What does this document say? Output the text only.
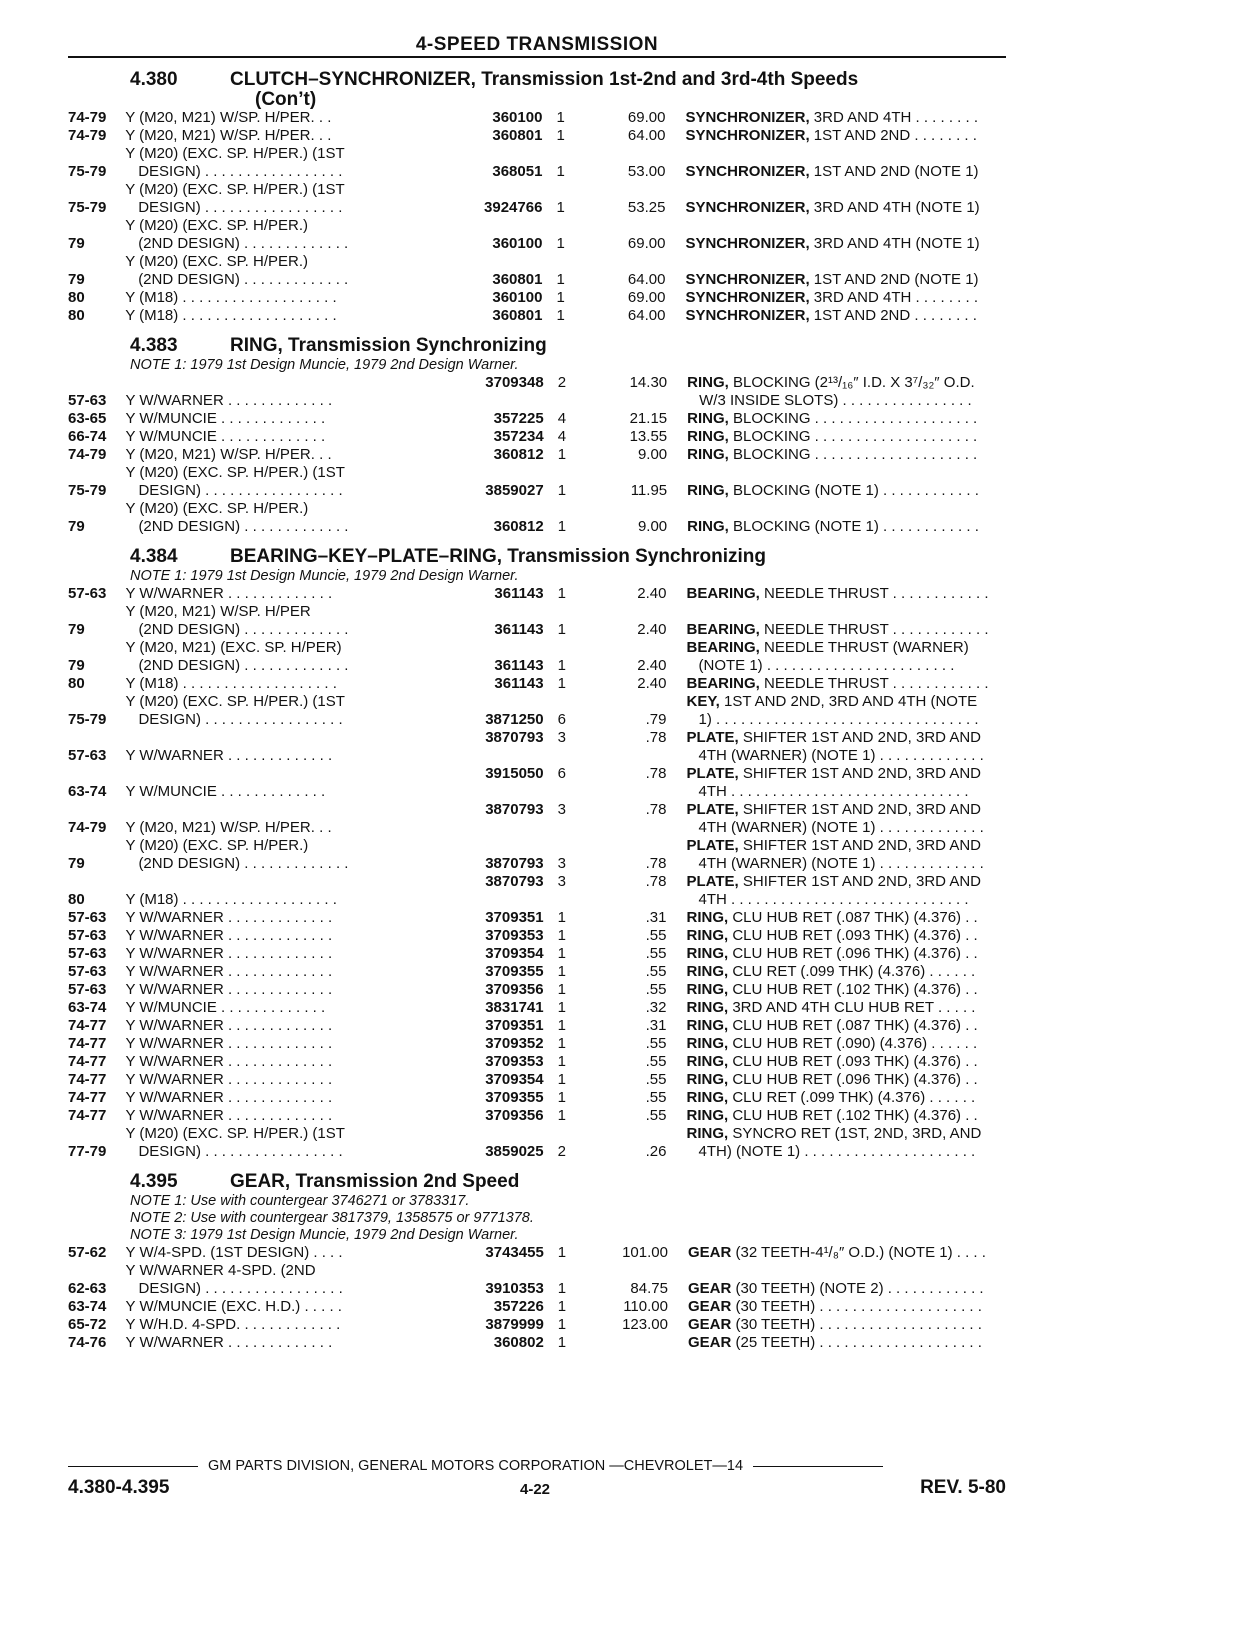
4-SPEED TRANSMISSION
4.380	CLUTCH–SYNCHRONIZER, Transmission 1st-2nd and 3rd-4th Speeds
(Con’t)
74-79	Y (M20, M21) W/SP. H/PER. . .	360100	1	69.00	SYNCHRONIZER, 3RD AND 4TH . . . . . . . .
74-79	Y (M20, M21) W/SP. H/PER. . .	360801	1	64.00	SYNCHRONIZER, 1ST AND 2ND . . . . . . . .
75-79	Y (M20) (EXC. SP. H/PER.) (1ST
DESIGN) . . . . . . . . . . . . . . . . .	368051	1	53.00	SYNCHRONIZER, 1ST AND 2ND (NOTE 1)
75-79	Y (M20) (EXC. SP. H/PER.) (1ST
DESIGN) . . . . . . . . . . . . . . . . .	3924766	1	53.25	SYNCHRONIZER, 3RD AND 4TH (NOTE 1)
79	Y (M20) (EXC. SP. H/PER.)
(2ND DESIGN) . . . . . . . . . . . . .	360100	1	69.00	SYNCHRONIZER, 3RD AND 4TH (NOTE 1)
79	Y (M20) (EXC. SP. H/PER.)
(2ND DESIGN) . . . . . . . . . . . . .	360801	1	64.00	SYNCHRONIZER, 1ST AND 2ND (NOTE 1)
80	Y (M18) . . . . . . . . . . . . . . . . . . .	360100	1	69.00	SYNCHRONIZER, 3RD AND 4TH . . . . . . . .
80	Y (M18) . . . . . . . . . . . . . . . . . . .	360801	1	64.00	SYNCHRONIZER, 1ST AND 2ND . . . . . . . .
4.383	RING, Transmission Synchronizing
NOTE 1: 1979 1st Design Muncie, 1979 2nd Design Warner.
57-63	Y W/WARNER . . . . . . . . . . . . .	3709348	2	14.30	RING, BLOCKING (2¹³/₁₆″ I.D. X 3⁷/₃₂″ O.D.
W/3 INSIDE SLOTS) . . . . . . . . . . . . . . . .

63-65	Y W/MUNCIE . . . . . . . . . . . . .	357225	4	21.15	RING, BLOCKING . . . . . . . . . . . . . . . . . . . .
66-74	Y W/MUNCIE . . . . . . . . . . . . .	357234	4	13.55	RING, BLOCKING . . . . . . . . . . . . . . . . . . . .
74-79	Y (M20, M21) W/SP. H/PER. . .	360812	1	9.00	RING, BLOCKING . . . . . . . . . . . . . . . . . . . .
75-79	Y (M20) (EXC. SP. H/PER.) (1ST
DESIGN) . . . . . . . . . . . . . . . . .	3859027	1	11.95	RING, BLOCKING (NOTE 1) . . . . . . . . . . . .
79	Y (M20) (EXC. SP. H/PER.)
(2ND DESIGN) . . . . . . . . . . . . .	360812	1	9.00	RING, BLOCKING (NOTE 1) . . . . . . . . . . . .
4.384	BEARING–KEY–PLATE–RING, Transmission Synchronizing
NOTE 1: 1979 1st Design Muncie, 1979 2nd Design Warner.
57-63	Y W/WARNER . . . . . . . . . . . . .	361143	1	2.40	BEARING, NEEDLE THRUST . . . . . . . . . . . .
79	Y (M20, M21) W/SP. H/PER
(2ND DESIGN) . . . . . . . . . . . . .	361143	1	2.40	BEARING, NEEDLE THRUST . . . . . . . . . . . .
79	Y (M20, M21) (EXC. SP. H/PER)
(2ND DESIGN) . . . . . . . . . . . . .	361143	1	2.40	BEARING, NEEDLE THRUST (WARNER)
(NOTE 1) . . . . . . . . . . . . . . . . . . . . . . .

80	Y (M18) . . . . . . . . . . . . . . . . . . .	361143	1	2.40	BEARING, NEEDLE THRUST . . . . . . . . . . . .
75-79	Y (M20) (EXC. SP. H/PER.) (1ST
DESIGN) . . . . . . . . . . . . . . . . .	3871250	6	.79	KEY, 1ST AND 2ND, 3RD AND 4TH (NOTE
1) . . . . . . . . . . . . . . . . . . . . . . . . . . . . . . . .

57-63	Y W/WARNER . . . . . . . . . . . . .	3870793	3	.78	PLATE, SHIFTER 1ST AND 2ND, 3RD AND
4TH (WARNER) (NOTE 1) . . . . . . . . . . . . .

63-74	Y W/MUNCIE . . . . . . . . . . . . .	3915050	6	.78	PLATE, SHIFTER 1ST AND 2ND, 3RD AND
4TH . . . . . . . . . . . . . . . . . . . . . . . . . . . . .

74-79	Y (M20, M21) W/SP. H/PER. . .	3870793	3	.78	PLATE, SHIFTER 1ST AND 2ND, 3RD AND
4TH (WARNER) (NOTE 1) . . . . . . . . . . . . .

79	Y (M20) (EXC. SP. H/PER.)
(2ND DESIGN) . . . . . . . . . . . . .	3870793	3	.78	PLATE, SHIFTER 1ST AND 2ND, 3RD AND
4TH (WARNER) (NOTE 1) . . . . . . . . . . . . .

80	Y (M18) . . . . . . . . . . . . . . . . . . .	3870793	3	.78	PLATE, SHIFTER 1ST AND 2ND, 3RD AND
4TH . . . . . . . . . . . . . . . . . . . . . . . . . . . . .

57-63	Y W/WARNER . . . . . . . . . . . . .	3709351	1	.31	RING, CLU HUB RET (.087 THK) (4.376) . .
57-63	Y W/WARNER . . . . . . . . . . . . .	3709353	1	.55	RING, CLU HUB RET (.093 THK) (4.376) . .
57-63	Y W/WARNER . . . . . . . . . . . . .	3709354	1	.55	RING, CLU HUB RET (.096 THK) (4.376) . .
57-63	Y W/WARNER . . . . . . . . . . . . .	3709355	1	.55	RING, CLU RET (.099 THK) (4.376) . . . . . .
57-63	Y W/WARNER . . . . . . . . . . . . .	3709356	1	.55	RING, CLU HUB RET (.102 THK) (4.376) . .
63-74	Y W/MUNCIE . . . . . . . . . . . . .	3831741	1	.32	RING, 3RD AND 4TH CLU HUB RET . . . . .
74-77	Y W/WARNER . . . . . . . . . . . . .	3709351	1	.31	RING, CLU HUB RET (.087 THK) (4.376) . .
74-77	Y W/WARNER . . . . . . . . . . . . .	3709352	1	.55	RING, CLU HUB RET (.090) (4.376) . . . . . .
74-77	Y W/WARNER . . . . . . . . . . . . .	3709353	1	.55	RING, CLU HUB RET (.093 THK) (4.376) . .
74-77	Y W/WARNER . . . . . . . . . . . . .	3709354	1	.55	RING, CLU HUB RET (.096 THK) (4.376) . .
74-77	Y W/WARNER . . . . . . . . . . . . .	3709355	1	.55	RING, CLU RET (.099 THK) (4.376) . . . . . .
74-77	Y W/WARNER . . . . . . . . . . . . .	3709356	1	.55	RING, CLU HUB RET (.102 THK) (4.376) . .
77-79	Y (M20) (EXC. SP. H/PER.) (1ST
DESIGN) . . . . . . . . . . . . . . . . .	3859025	2	.26	RING, SYNCRO RET (1ST, 2ND, 3RD, AND
4TH) (NOTE 1) . . . . . . . . . . . . . . . . . . . . .
4.395	GEAR, Transmission 2nd Speed
NOTE 1: Use with countergear 3746271 or 3783317.
NOTE 2: Use with countergear 3817379, 1358575 or 9771378.
NOTE 3: 1979 1st Design Muncie, 1979 2nd Design Warner.
57-62	Y W/4-SPD. (1ST DESIGN) . . . .	3743455	1	101.00	GEAR (32 TEETH-4¹/₈″ O.D.) (NOTE 1) . . . .
62-63	Y W/WARNER 4-SPD. (2ND
DESIGN) . . . . . . . . . . . . . . . . .	3910353	1	84.75	GEAR (30 TEETH) (NOTE 2) . . . . . . . . . . . .
63-74	Y W/MUNCIE (EXC. H.D.) . . . . .	357226	1	110.00	GEAR (30 TEETH) . . . . . . . . . . . . . . . . . . . .
65-72	Y W/H.D. 4-SPD. . . . . . . . . . . . .	3879999	1	123.00	GEAR (30 TEETH) . . . . . . . . . . . . . . . . . . . .
74-76	Y W/WARNER . . . . . . . . . . . . .	360802	1		GEAR (25 TEETH) . . . . . . . . . . . . . . . . . . . .
GM PARTS DIVISION, GENERAL MOTORS CORPORATION —CHEVROLET—14
4.380-4.395	4-22	REV. 5-80
